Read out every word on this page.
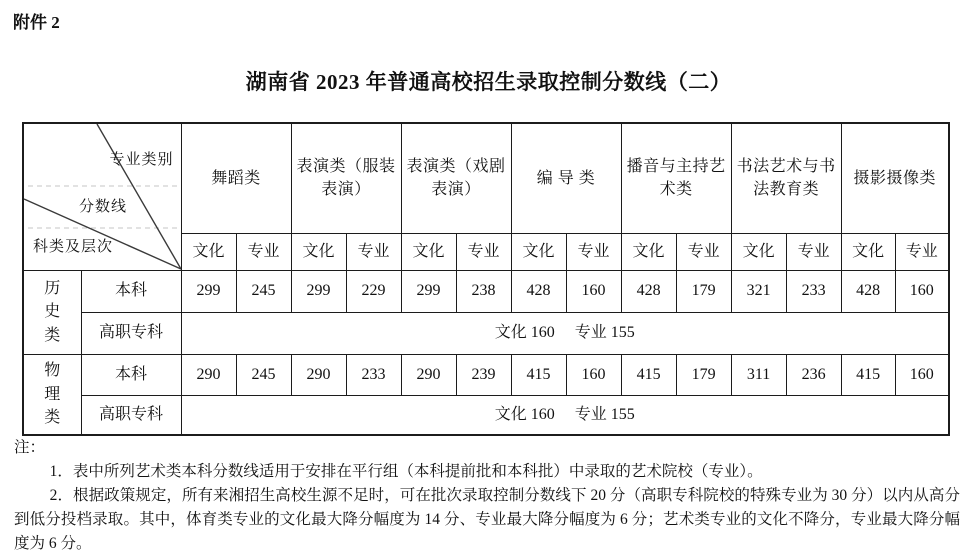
附件 2
湖南省 2023 年普通高校招生录取控制分数线（二）
专业类别
分数线
科类及层次		舞蹈类		表演类（服装表演）		表演类（戏剧表演）		编 导 类		播音与主持艺术类		书法艺术与书法教育类		摄影摄像类	
		文化	专业	文化	专业	文化	专业	文化	专业	文化	专业	文化	专业	文化	专业

历史类	本科	299	245	299	229	299	238	428	160	428	179	321	233	428	160
	高职专科	文化 160　 专业 155													

物理类	本科	290	245	290	233	290	239	415	160	415	179	311	236	415	160
	高职专科	文化 160　 专业 155													
注：

1．表中所列艺术类本科分数线适用于安排在平行组（本科提前批和本科批）中录取的艺术院校（专业）。

2．根据政策规定，所有来湘招生高校生源不足时，可在批次录取控制分数线下 20 分（高职专科院校的特殊专业为 30 分）以内从高分到低分投档录取。其中，体育类专业的文化最大降分幅度为 14 分、专业最大降分幅度为 6 分；艺术类专业的文化不降分，专业最大降分幅度为 6 分。
